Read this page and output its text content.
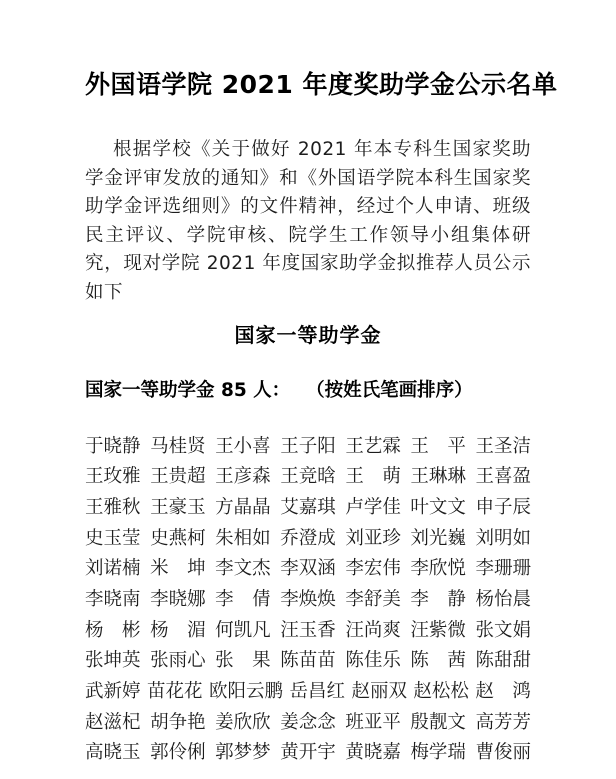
外国语学院 2021 年度奖助学金公示名单

根据学校《关于做好 2021 年本专科生国家奖助学金评审发放的通知》和《外国语学院本科生国家奖助学金评选细则》的文件精神，经过个人申请、班级民主评议、学院审核、院学生工作领导小组集体研究，现对学院 2021 年度国家助学金拟推荐人员公示如下

国家一等助学金
国家一等助学金 85 人： （按姓氏笔画排序）
于晓静 马桂贤 王小喜 王子阳 王艺霖 王　平 王圣洁
王玫雅 王贵超 王彦森 王竞晗 王　萌 王琳琳 王喜盈
王雅秋 王豪玉 方晶晶 艾嘉琪 卢学佳 叶文文 申子辰
史玉莹 史燕柯 朱相如 乔澄成 刘亚珍 刘光巍 刘明如
刘诺楠 米　坤 李文杰 李双涵 李宏伟 李欣悦 李珊珊
李晓南 李晓娜 李　倩 李焕焕 李舒美 李　静 杨怡晨
杨　彬 杨　湄 何凯凡 汪玉香 汪尚爽 汪紫微 张文娟
张坤英 张雨心 张　果 陈苗苗 陈佳乐 陈　茜 陈甜甜
武新婷 苗花花 欧阳云鹏 岳昌红 赵丽双 赵松松 赵　鸿
赵滋杞 胡争艳 姜欣欣 姜念念 班亚平 殷靓文 高芳芳
高晓玉 郭伶俐 郭梦梦 黄开宇 黄晓嘉 梅学瑞 曹俊丽
